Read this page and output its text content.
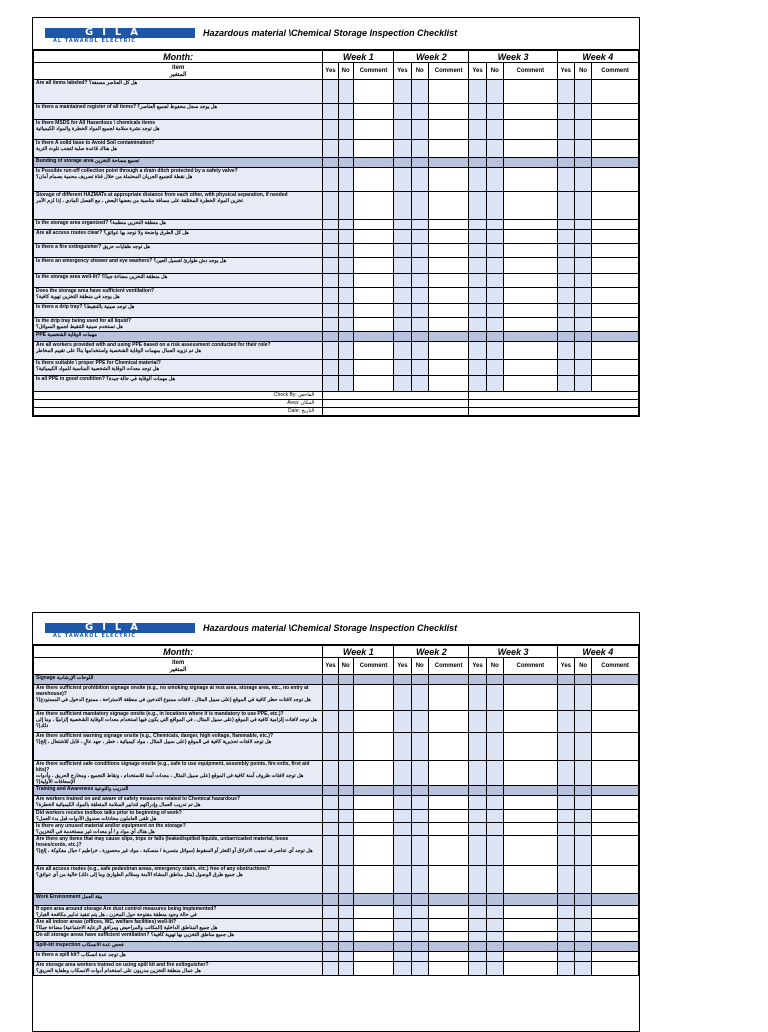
GILA
AL TAWAKOL ELECTRIC
Hazardous material \Chemical Storage Inspection Checklist
Month:	Week 1			Week 2			Week 3			Week 4		

item
المتغير	Yes	No	Comment	Yes	No	Comment	Yes	No	Comment	Yes	No	Comment

Are all items labeled? هل كل العناصر مصنفة؟												

Is there a maintained register of all items? هل يوجد سجل محفوظ لجميع العناصر؟												

Is there MSDS for All Hazardous \ chemicals items
هل توجد نشرة سلامة لجميع المواد الخطرة والمواد الكيميائية												

Is there A solid base to Avoid Soil contamination?
هل هناك قاعدة صلبة لتجنب تلوث التربة												

Bunding of storage area تجميع مساحة التخزين												

Is Possible run-off collection point through a drain ditch protected by a safety valve?
هل نقطة لتجميع الجريان المحتملة من خلال قناة تصريف محمية بصمام أمان؟												

Storage of different HAZMATs at appropriate distance from each other, with physical separation, if needed
تخزين المواد الخطرة المختلفة على مسافة مناسبة من بعضها البعض ، مع الفصل المادي ، إذا لزم الأمر												

Is the storage area organized? هل منطقة التخزين منظمة؟												

Are all access routes clear? هل كل الطرق واضحة ولا توجد بها عوائق؟												

Is there a fire extinguisher? هل توجد طفايات حريق												

Is there an emergency shower and eye washers? هل يوجد دش طوارئ لغسيل العين؟												

Is the storage area well-lit? هل منطقة التخزين مضاءة جيدًا؟												

Does the storage area have sufficient ventilation?
هل يوجد في منطقة التخزين تهوية كافية؟												

Is there a drip tray? هل توجد صينية بالتنقيط؟												

Is the drip tray being used for all liquid?
هل تستخدم صينية التنقيط لجميع السوائل؟												

PPE مهمات الوقاية الشخصية												

Are all workers provided with and using PPE based on a risk assessment conducted for their role?
هل تم تزويد العمال بمهمات الوقاية الشخصية واستخدامها بناءً على تقييم المخاطر												

Is there suitable \ proper PPE for Chemical material?
هل توجد معدات الوقاية الشخصية المناسبة للمواد الكيميائية؟												

Is all PPE in good condition? هل مهمات الوقاية في حالة جيدة؟												

Check By: الفاحص												
Area: المكان												
Date: التاريخ												
GILA
AL TAWAKOL ELECTRIC
Hazardous material \Chemical Storage Inspection Checklist
Month:	Week 1			Week 2			Week 3			Week 4		

item
المتغير	Yes	No	Comment	Yes	No	Comment	Yes	No	Comment	Yes	No	Comment

Signage اللوحات الإرشادية												

Are there sufficient prohibition signage onsite (e.g., no smoking signage at rest area, storage area, etc., no entry at warehouse)?
هل توجد لافتات حظر كافية في الموقع (على سبيل المثال ، لافتات ممنوع التدخين في منطقة الاستراحة ، ممنوع الدخول في المستودع)؟												

Are there sufficient mandatory signage onsite (e.g., in locations where it is mandatory to use PPE, etc.)?
هل توجد لافتات إلزامية كافية في الموقع (على سبيل المثال ، في المواقع التي يكون فيها استخدام معدات الوقاية الشخصية إلزاميًا ، وما إلى ذلك)؟												

Are there sufficient warning signage onsite (e.g., Chemicals, danger, high voltage, flammable, etc.)?
هل توجد لافتات تحذيرية كافية في الموقع (على سبيل المثال ، مواد كيميائية ، خطر ، جهد عالٍ ، قابل للاشتعال ، إلخ)؟												

Are there sufficient safe conditions signage onsite (e.g., safe to use equipment, assembly points, fire exits, first aid kits)?
هل توجد لافتات ظروف آمنة كافية في الموقع (على سبيل المثال ، معدات آمنة للاستخدام ، ونقاط التجميع ، ومخارج الحريق ، وأدوات الإسعافات الأولية)؟												

Training and Awareness التدريب والتوعية												

Are workers trained on and aware of safety measures related to Chemical hazardous?
هل تم تدريب العمال وإدراكهم لتدابير السلامة المتعلقة بالمواد الكيميائية الخطرة؟												

Did workers receive toolbox talks prior to beginning of work?
هل تلقى العاملون محادثات صندوق الأدوات قبل بدء العمل؟												

Is there any unused material and/or equipment on the storage?
هل هناك أي مواد و / أو معدات غير مستخدمة في التخزين؟												

Are there any items that may cause slips, trips or falls (leaked/spilled liquids, unbarricaded material, loose hoses/cords, etc.)?
هل توجد أي عناصر قد تسبب الانزلاق أو التعثر أو السقوط (سوائل متسربة / منسكبة ، مواد غير محصورة ، خراطيم / حبال مفكوكة ، إلخ)؟												

Are all access routes (e.g., safe pedestrian areas, emergency stairs, etc.) free of any obstructions?
هل جميع طرق الوصول (مثل مناطق المشاة الآمنة وسلالم الطوارئ وما إلى ذلك) خالية من أي عوائق؟												

Work Environment بيئة العمل												

If open area around storage Are dust control measures being implemented?
في حالة وجود منطقة مفتوحة حول المخزن ، هل يتم تنفيذ تدابير مكافحة الغبار؟												

Are all indoor areas (offices, WC, welfare facilities) well-lit?
هل جميع المناطق الداخلية (المكاتب والمراحيض ومرافق الرعاية الاجتماعية) مضاءة جيدًا؟												

Do all storage areas have sufficient ventilation? هل جميع مناطق التخزين بها تهوية كافية؟												

Spill-kit inspection فحص عدة الانسكاب												

Is there a spill kit? هل توجد عدة انسكاب												

Are storage area workers trained on using spill kit and fire extinguisher?
هل عمال منطقة التخزين مدربون على استخدام أدوات الانسكاب وطفاية الحريق؟												
